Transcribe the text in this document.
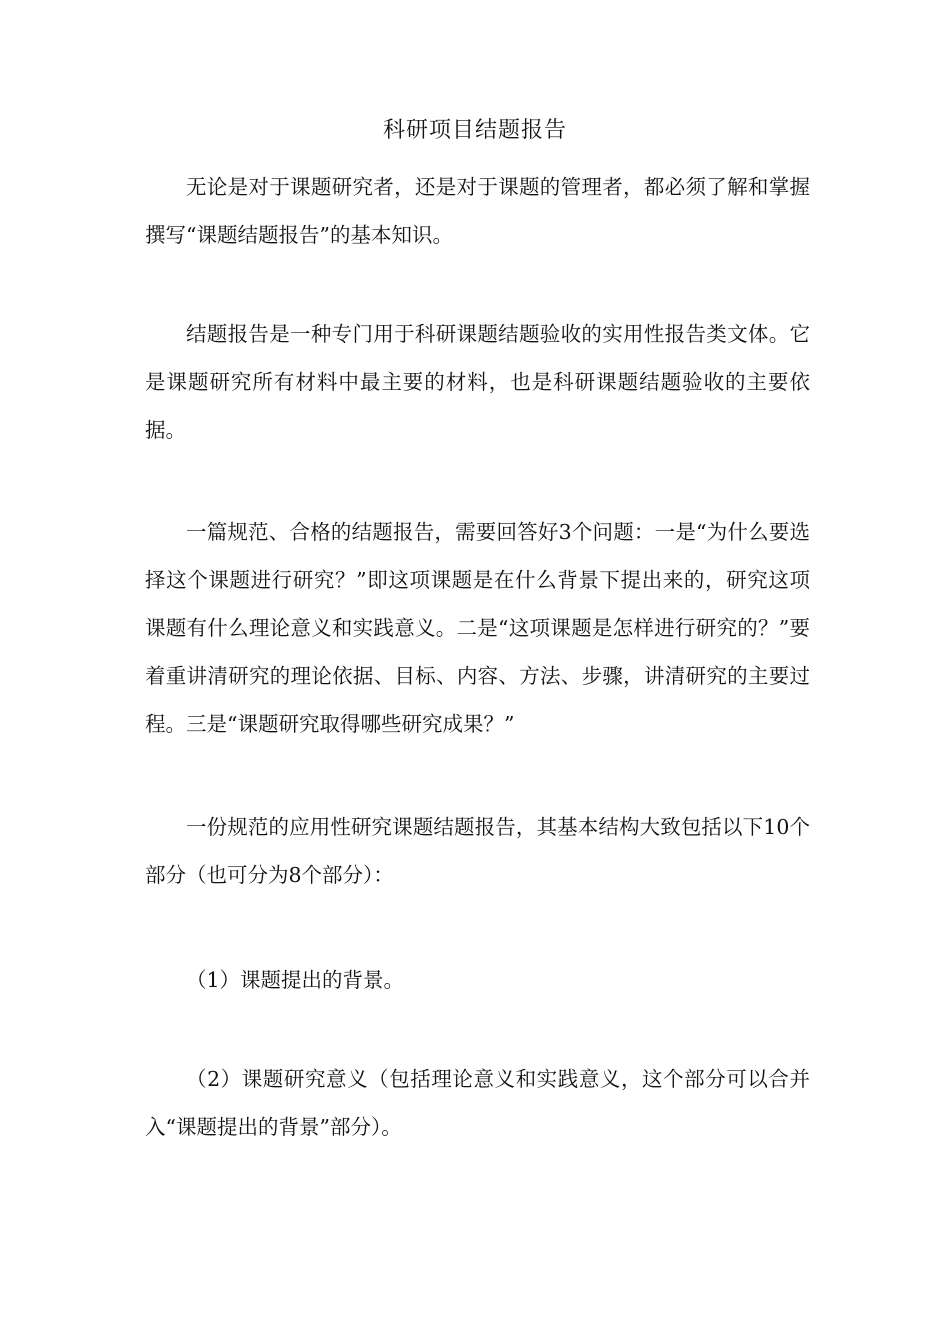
科研项目结题报告

无论是对于课题研究者，还是对于课题的管理者，都必须了解和掌握撰写“课题结题报告”的基本知识。

结题报告是一种专门用于科研课题结题验收的实用性报告类文体。它是课题研究所有材料中最主要的材料，也是科研课题结题验收的主要依据。

一篇规范、合格的结题报告，需要回答好3个问题：一是“为什么要选择这个课题进行研究？”即这项课题是在什么背景下提出来的，研究这项课题有什么理论意义和实践意义。二是“这项课题是怎样进行研究的？”要着重讲清研究的理论依据、目标、内容、方法、步骤，讲清研究的主要过程。三是“课题研究取得哪些研究成果？”

一份规范的应用性研究课题结题报告，其基本结构大致包括以下10个部分（也可分为8个部分）：

（1）课题提出的背景。

（2）课题研究意义（包括理论意义和实践意义，这个部分可以合并入“课题提出的背景”部分）。
